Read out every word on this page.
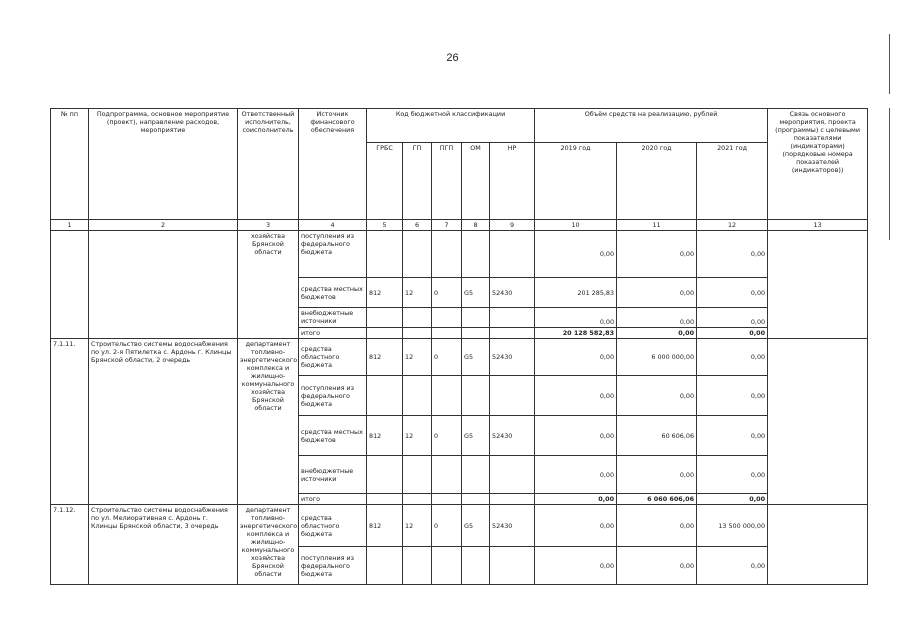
26
№ пп	Подпрограмма, основное мероприятие (проект), направление расходов, мероприятие	Ответственный исполнитель, соисполнитель	Источник финансового обеспечения	Код бюджетной классификации					Объём средств на реализацию, рублей			Связь основного мероприятия, проекта (программы) с целевыми показателями (индикаторами) (порядковые номера показателей (индикаторов))
				ГРБС	ГП	ПГП	ОМ	НР	2019 год	2020 год	2021 год	
1	2	3	4	5	6	7	8	9	10	11	12	13
		хозяйства Брянской области	поступления из федерального бюджета						0,00	0,00	0,00	
			средства местных бюджетов	812	12	0	G5	52430	201 285,83	0,00	0,00	
			внебюджетные источники						0,00	0,00	0,00	
			итого						20 128 582,83	0,00	0,00	
7.1.11.	Строительство системы водоснабжения по ул. 2-я Пятилетка с. Ардонь г. Клинцы Брянской области, 2 очередь	департамент топливно-энергетического комплекса и жилищно-коммунального хозяйства Брянской области	средства областного бюджета	812	12	0	G5	52430	0,00	6 000 000,00	0,00	
			поступления из федерального бюджета						0,00	0,00	0,00	
			средства местных бюджетов	812	12	0	G5	52430	0,00	60 606,06	0,00	
			внебюджетные источники						0,00	0,00	0,00	
			итого						0,00	6 060 606,06	0,00	
7.1.12.	Строительство системы водоснабжения по ул. Мелиоративная с. Ардонь г. Клинцы Брянской области, 3 очередь	департамент топливно-энергетического комплекса и жилищно-коммунального хозяйства Брянской области	средства областного бюджета	812	12	0	G5	52430	0,00	0,00	13 500 000,00	
			поступления из федерального бюджета						0,00	0,00	0,00	
